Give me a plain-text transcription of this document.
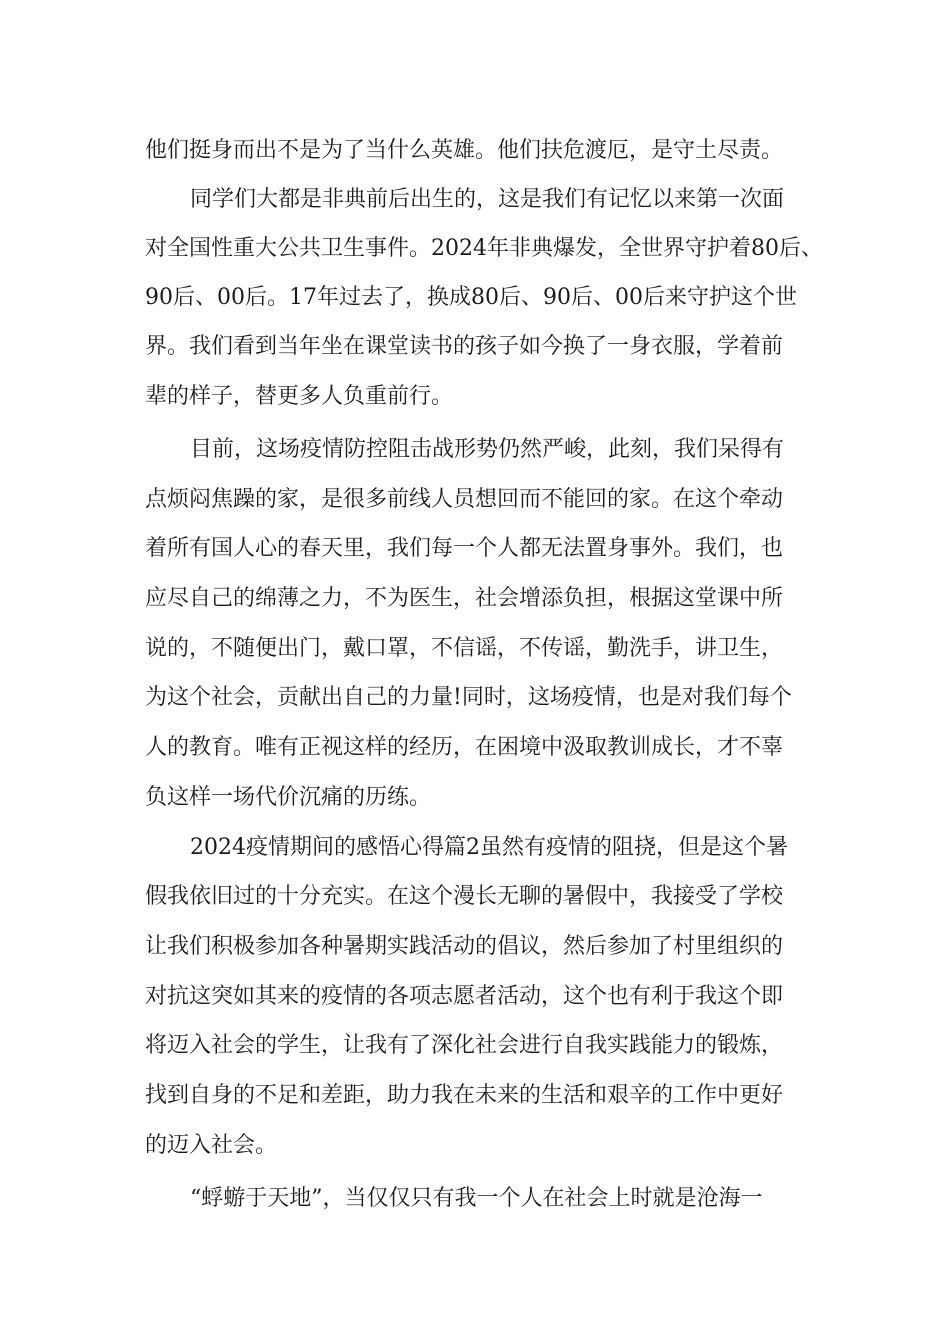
他们挺身而出不是为了当什么英雄。他们扶危渡厄，是守土尽责。

同学们大都是非典前后出生的，这是我们有记忆以来第一次面

对全国性重大公共卫生事件。2024年非典爆发，全世界守护着80后、

90后、00后。17年过去了，换成80后、90后、00后来守护这个世

界。我们看到当年坐在课堂读书的孩子如今换了一身衣服，学着前

辈的样子，替更多人负重前行。

目前，这场疫情防控阻击战形势仍然严峻，此刻，我们呆得有

点烦闷焦躁的家，是很多前线人员想回而不能回的家。在这个牵动

着所有国人心的春天里，我们每一个人都无法置身事外。我们，也

应尽自己的绵薄之力，不为医生，社会增添负担，根据这堂课中所

说的，不随便出门，戴口罩，不信谣，不传谣，勤洗手，讲卫生，

为这个社会，贡献出自己的力量!同时，这场疫情，也是对我们每个

人的教育。唯有正视这样的经历，在困境中汲取教训成长，才不辜

负这样一场代价沉痛的历练。

2024疫情期间的感悟心得篇2虽然有疫情的阻挠，但是这个暑

假我依旧过的十分充实。在这个漫长无聊的暑假中，我接受了学校

让我们积极参加各种暑期实践活动的倡议，然后参加了村里组织的

对抗这突如其来的疫情的各项志愿者活动，这个也有利于我这个即

将迈入社会的学生，让我有了深化社会进行自我实践能力的锻炼，

找到自身的不足和差距，助力我在未来的生活和艰辛的工作中更好

的迈入社会。

“蜉蝣于天地”，当仅仅只有我一个人在社会上时就是沧海一
